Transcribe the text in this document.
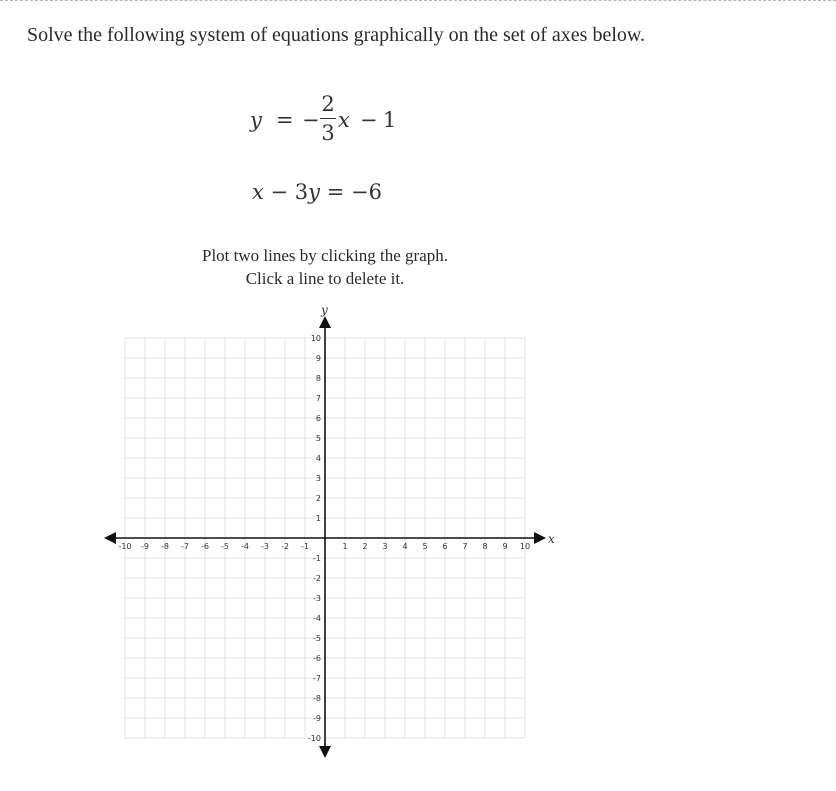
Solve the following system of equations graphically on the set of axes below.
y = −
2
3
x − 1
x − 3y = −6
Plot two lines by clicking the graph.
Click a line to delete it.
x
y
-10 -9 -8 -7 -6 -5 -4 -3 -2 -1	1 2 3 4 5 6 7 8 9 10
10
9
8
7
6
5
4
3
2
1
-1
-2
-3
-4
-5
-6
-7
-8
-9
-10
